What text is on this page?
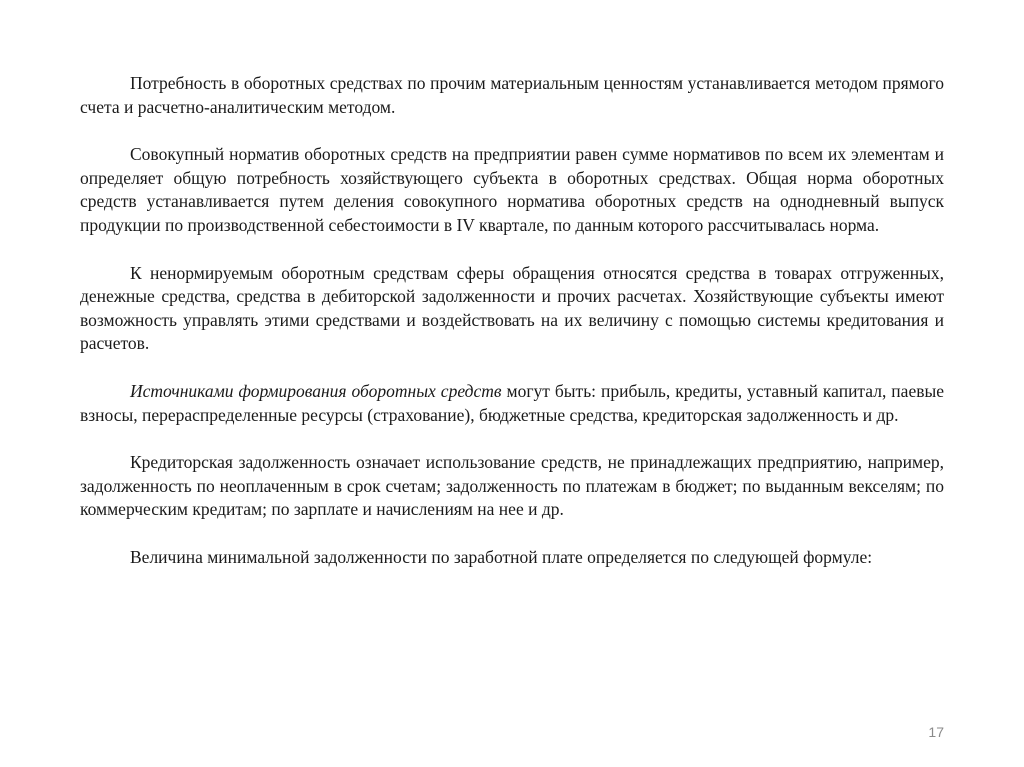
Потребность в оборотных средствах по прочим материальным ценностям устанавливается методом прямого счета и расчетно-аналитическим методом.

Совокупный норматив оборотных средств на предприятии равен сумме нормативов по всем их элементам и определяет общую потребность хозяйствующего субъекта в оборотных средствах. Общая норма оборотных средств устанавливается путем деления совокупного норматива оборотных средств на однодневный выпуск продукции по производственной себестоимости в IV квартале, по данным которого рассчитывалась норма.

К ненормируемым оборотным средствам сферы обращения относятся средства в товарах отгруженных, денежные средства, средства в дебиторской задолженности и прочих расчетах. Хозяйствующие субъекты имеют возможность управлять этими средствами и воздействовать на их величину с помощью системы кредитования и расчетов.

Источниками формирования оборотных средств могут быть: прибыль, кредиты, уставный капитал, паевые взносы, перераспределенные ресурсы (страхование), бюджетные средства, кредиторская задолженность и др.

Кредиторская задолженность означает использование средств, не принадлежащих предприятию, например, задолженность по неоплаченным в срок счетам; задолженность по платежам в бюджет; по выданным векселям; по коммерческим кредитам; по зарплате и начислениям на нее и др.

Величина минимальной задолженности по заработной плате определяется по следующей формуле:

17
